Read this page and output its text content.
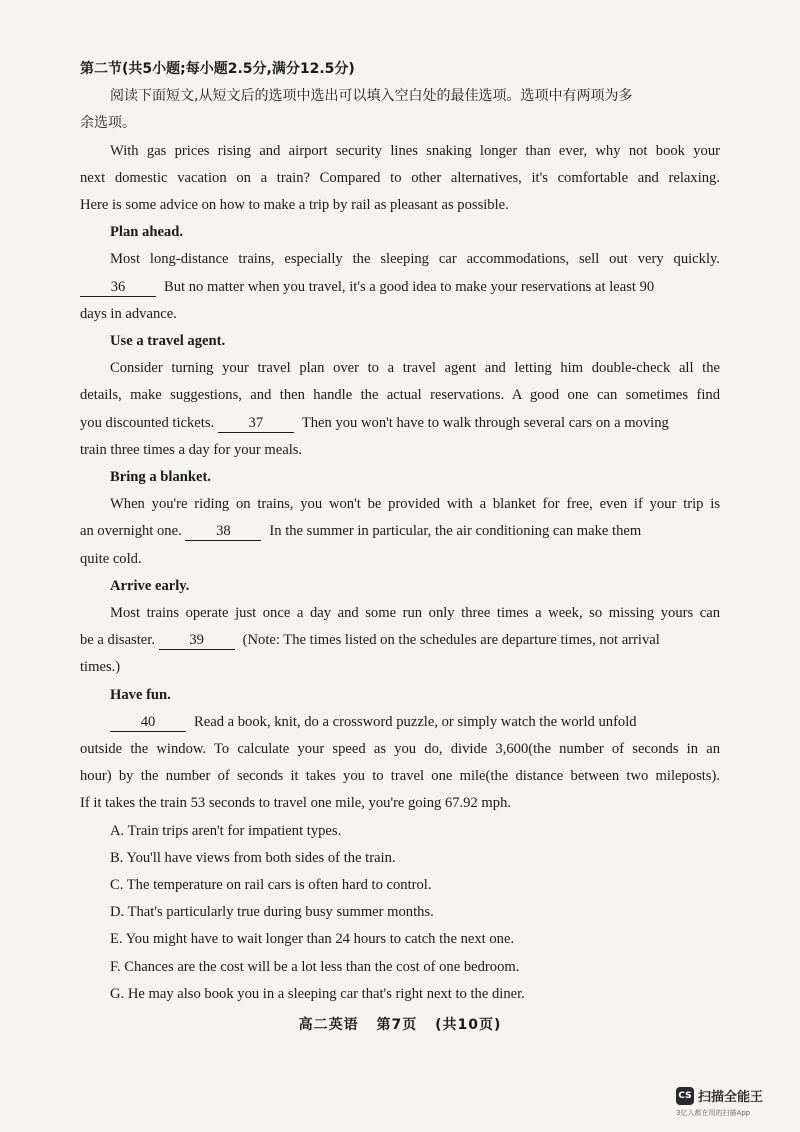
第二节(共5小题;每小题2.5分,满分12.5分)
阅读下面短文,从短文后的选项中选出可以填入空白处的最佳选项。选项中有两项为多
余选项。
With gas prices rising and airport security lines snaking longer than ever, why not book your
next domestic vacation on a train? Compared to other alternatives, it's comfortable and relaxing.
Here is some advice on how to make a trip by rail as pleasant as possible.
Plan ahead.
Most long-distance trains, especially the sleeping car accommodations, sell out very quickly.
36	But no matter when you travel, it's a good idea to make your reservations at least 90
days in advance.
Use a travel agent.
Consider turning your travel plan over to a travel agent and letting him double-check all the
details, make suggestions, and then handle the actual reservations. A good one can sometimes find
you discounted tickets. 37	Then you won't have to walk through several cars on a moving
train three times a day for your meals.
Bring a blanket.
When you're riding on trains, you won't be provided with a blanket for free, even if your trip is
an overnight one. 38	In the summer in particular, the air conditioning can make them
quite cold.
Arrive early.
Most trains operate just once a day and some run only three times a week, so missing yours can
be a disaster. 39	(Note: The times listed on the schedules are departure times, not arrival
times.)
Have fun.
40	Read a book, knit, do a crossword puzzle, or simply watch the world unfold
outside the window. To calculate your speed as you do, divide 3,600(the number of seconds in an
hour) by the number of seconds it takes you to travel one mile(the distance between two mileposts).
If it takes the train 53 seconds to travel one mile, you're going 67.92 mph.
A. Train trips aren't for impatient types.
B. You'll have views from both sides of the train.
C. The temperature on rail cars is often hard to control.
D. That's particularly true during busy summer months.
E. You might have to wait longer than 24 hours to catch the next one.
F. Chances are the cost will be a lot less than the cost of one bedroom.
G. He may also book you in a sleeping car that's right next to the diner.
高二英语 第7页 (共10页)
CS 扫描全能王
3亿人都在用的扫描App
